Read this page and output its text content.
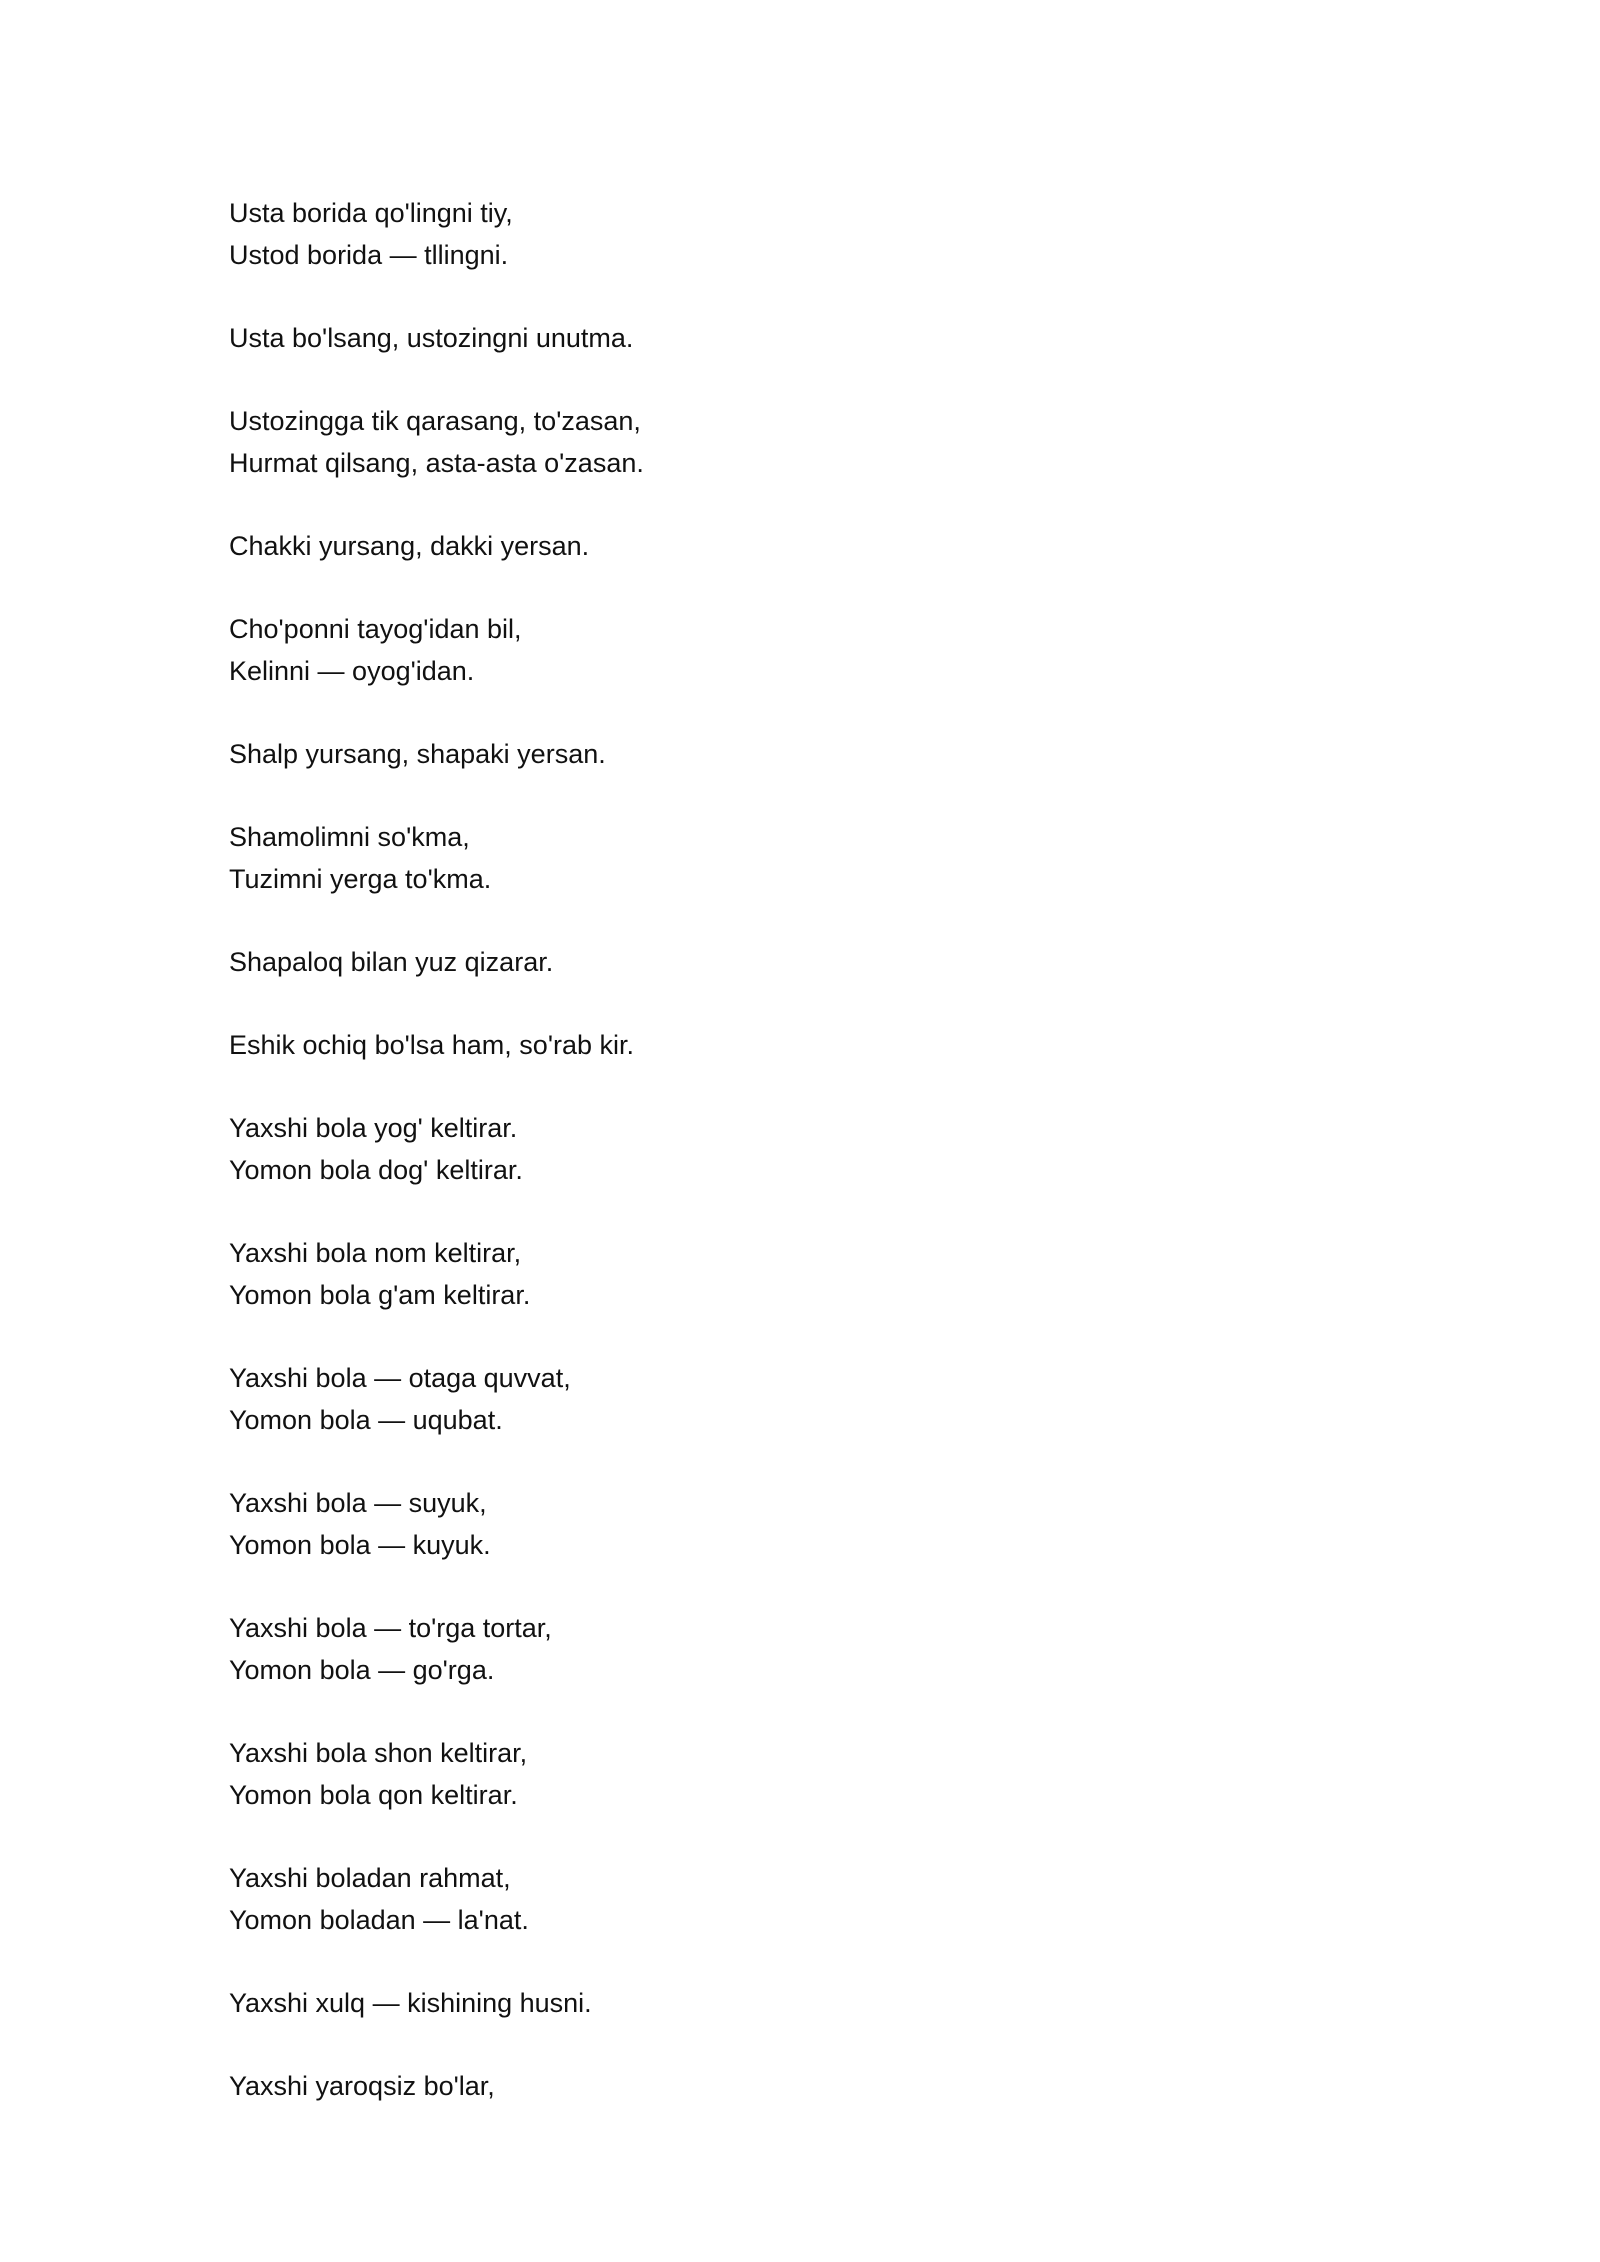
Usta borida qo'lingni tiy,
Ustod borida — tllingni.
Usta bo'lsang, ustozingni unutma.
Ustozingga tik qarasang, to'zasan,
Hurmat qilsang, asta-asta o'zasan.
Chakki yursang, dakki yersan.
Cho'ponni tayog'idan bil,
Kelinni — oyog'idan.
Shalp yursang, shapaki yersan.
Shamolimni so'kma,
Tuzimni yerga to'kma.
Shapaloq bilan yuz qizarar.
Eshik ochiq bo'lsa ham, so'rab kir.
Yaxshi bola yog' keltirar.
Yomon bola dog' keltirar.
Yaxshi bola nom keltirar,
Yomon bola g'am keltirar.
Yaxshi bola — otaga quvvat,
Yomon bola — uqubat.
Yaxshi bola — suyuk,
Yomon bola — kuyuk.
Yaxshi bola — to'rga tortar,
Yomon bola — go'rga.
Yaxshi bola shon keltirar,
Yomon bola qon keltirar.
Yaxshi boladan rahmat,
Yomon boladan — la'nat.
Yaxshi xulq — kishining husni.
Yaxshi yaroqsiz bo'lar,
